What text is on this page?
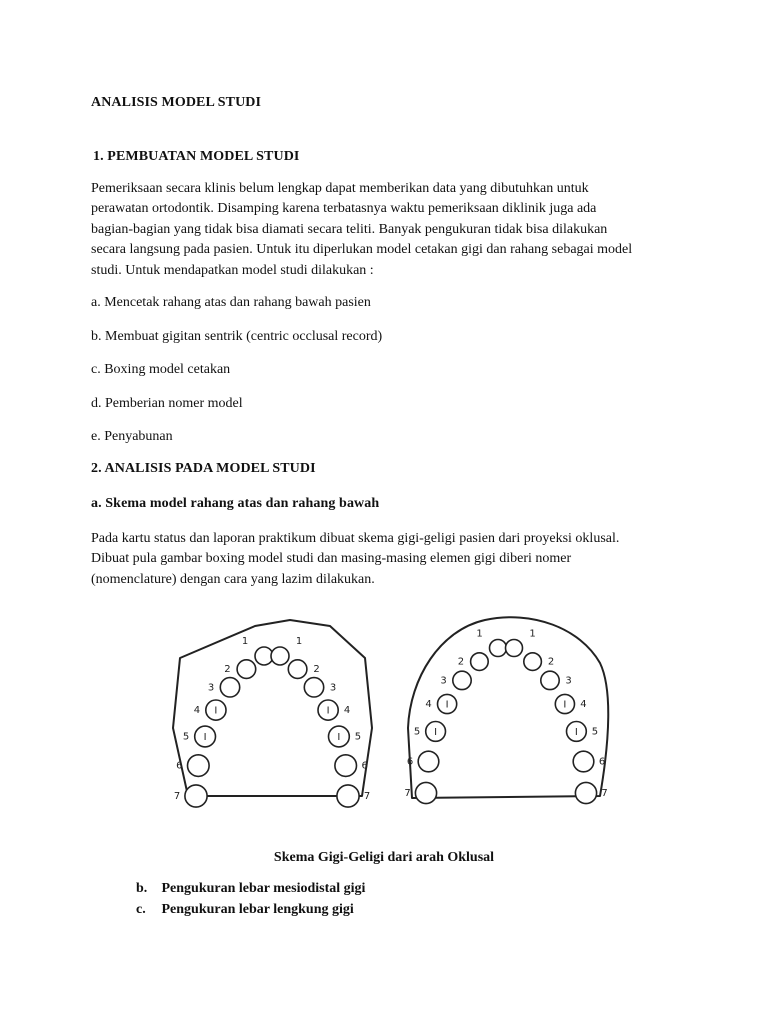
ANALISIS MODEL STUDI
1. PEMBUATAN MODEL STUDI
Pemeriksaan secara klinis belum lengkap dapat memberikan data yang dibutuhkan untuk
perawatan ortodontik. Disamping karena terbatasnya waktu pemeriksaan diklinik juga ada
bagian-bagian yang tidak bisa diamati secara teliti. Banyak pengukuran tidak bisa dilakukan
secara langsung pada pasien. Untuk itu diperlukan model cetakan gigi dan rahang sebagai model
studi. Untuk mendapatkan model studi dilakukan :
a. Mencetak rahang atas dan rahang bawah pasien
b. Membuat gigitan sentrik (centric occlusal record)
c. Boxing model cetakan
d. Pemberian nomer model
e. Penyabunan
2. ANALISIS PADA MODEL STUDI
a. Skema model rahang atas dan rahang bawah
Pada kartu status dan laporan praktikum dibuat skema gigi-geligi pasien dari proyeksi oklusal.
Dibuat pula gambar boxing model studi dan masing-masing elemen gigi diberi nomer
(nomenclature) dengan cara yang lazim dilakukan.
1
2
3
4 I
5 I
6
7
1
2
3
4
I
5
I
6
7
1
2
3
4 I
5 I
6
7
1
2
3
4
I
5
I
6
7
Skema Gigi-Geligi dari arah Oklusal
b. Pengukuran lebar mesiodistal gigi
c. Pengukuran lebar lengkung gigi
